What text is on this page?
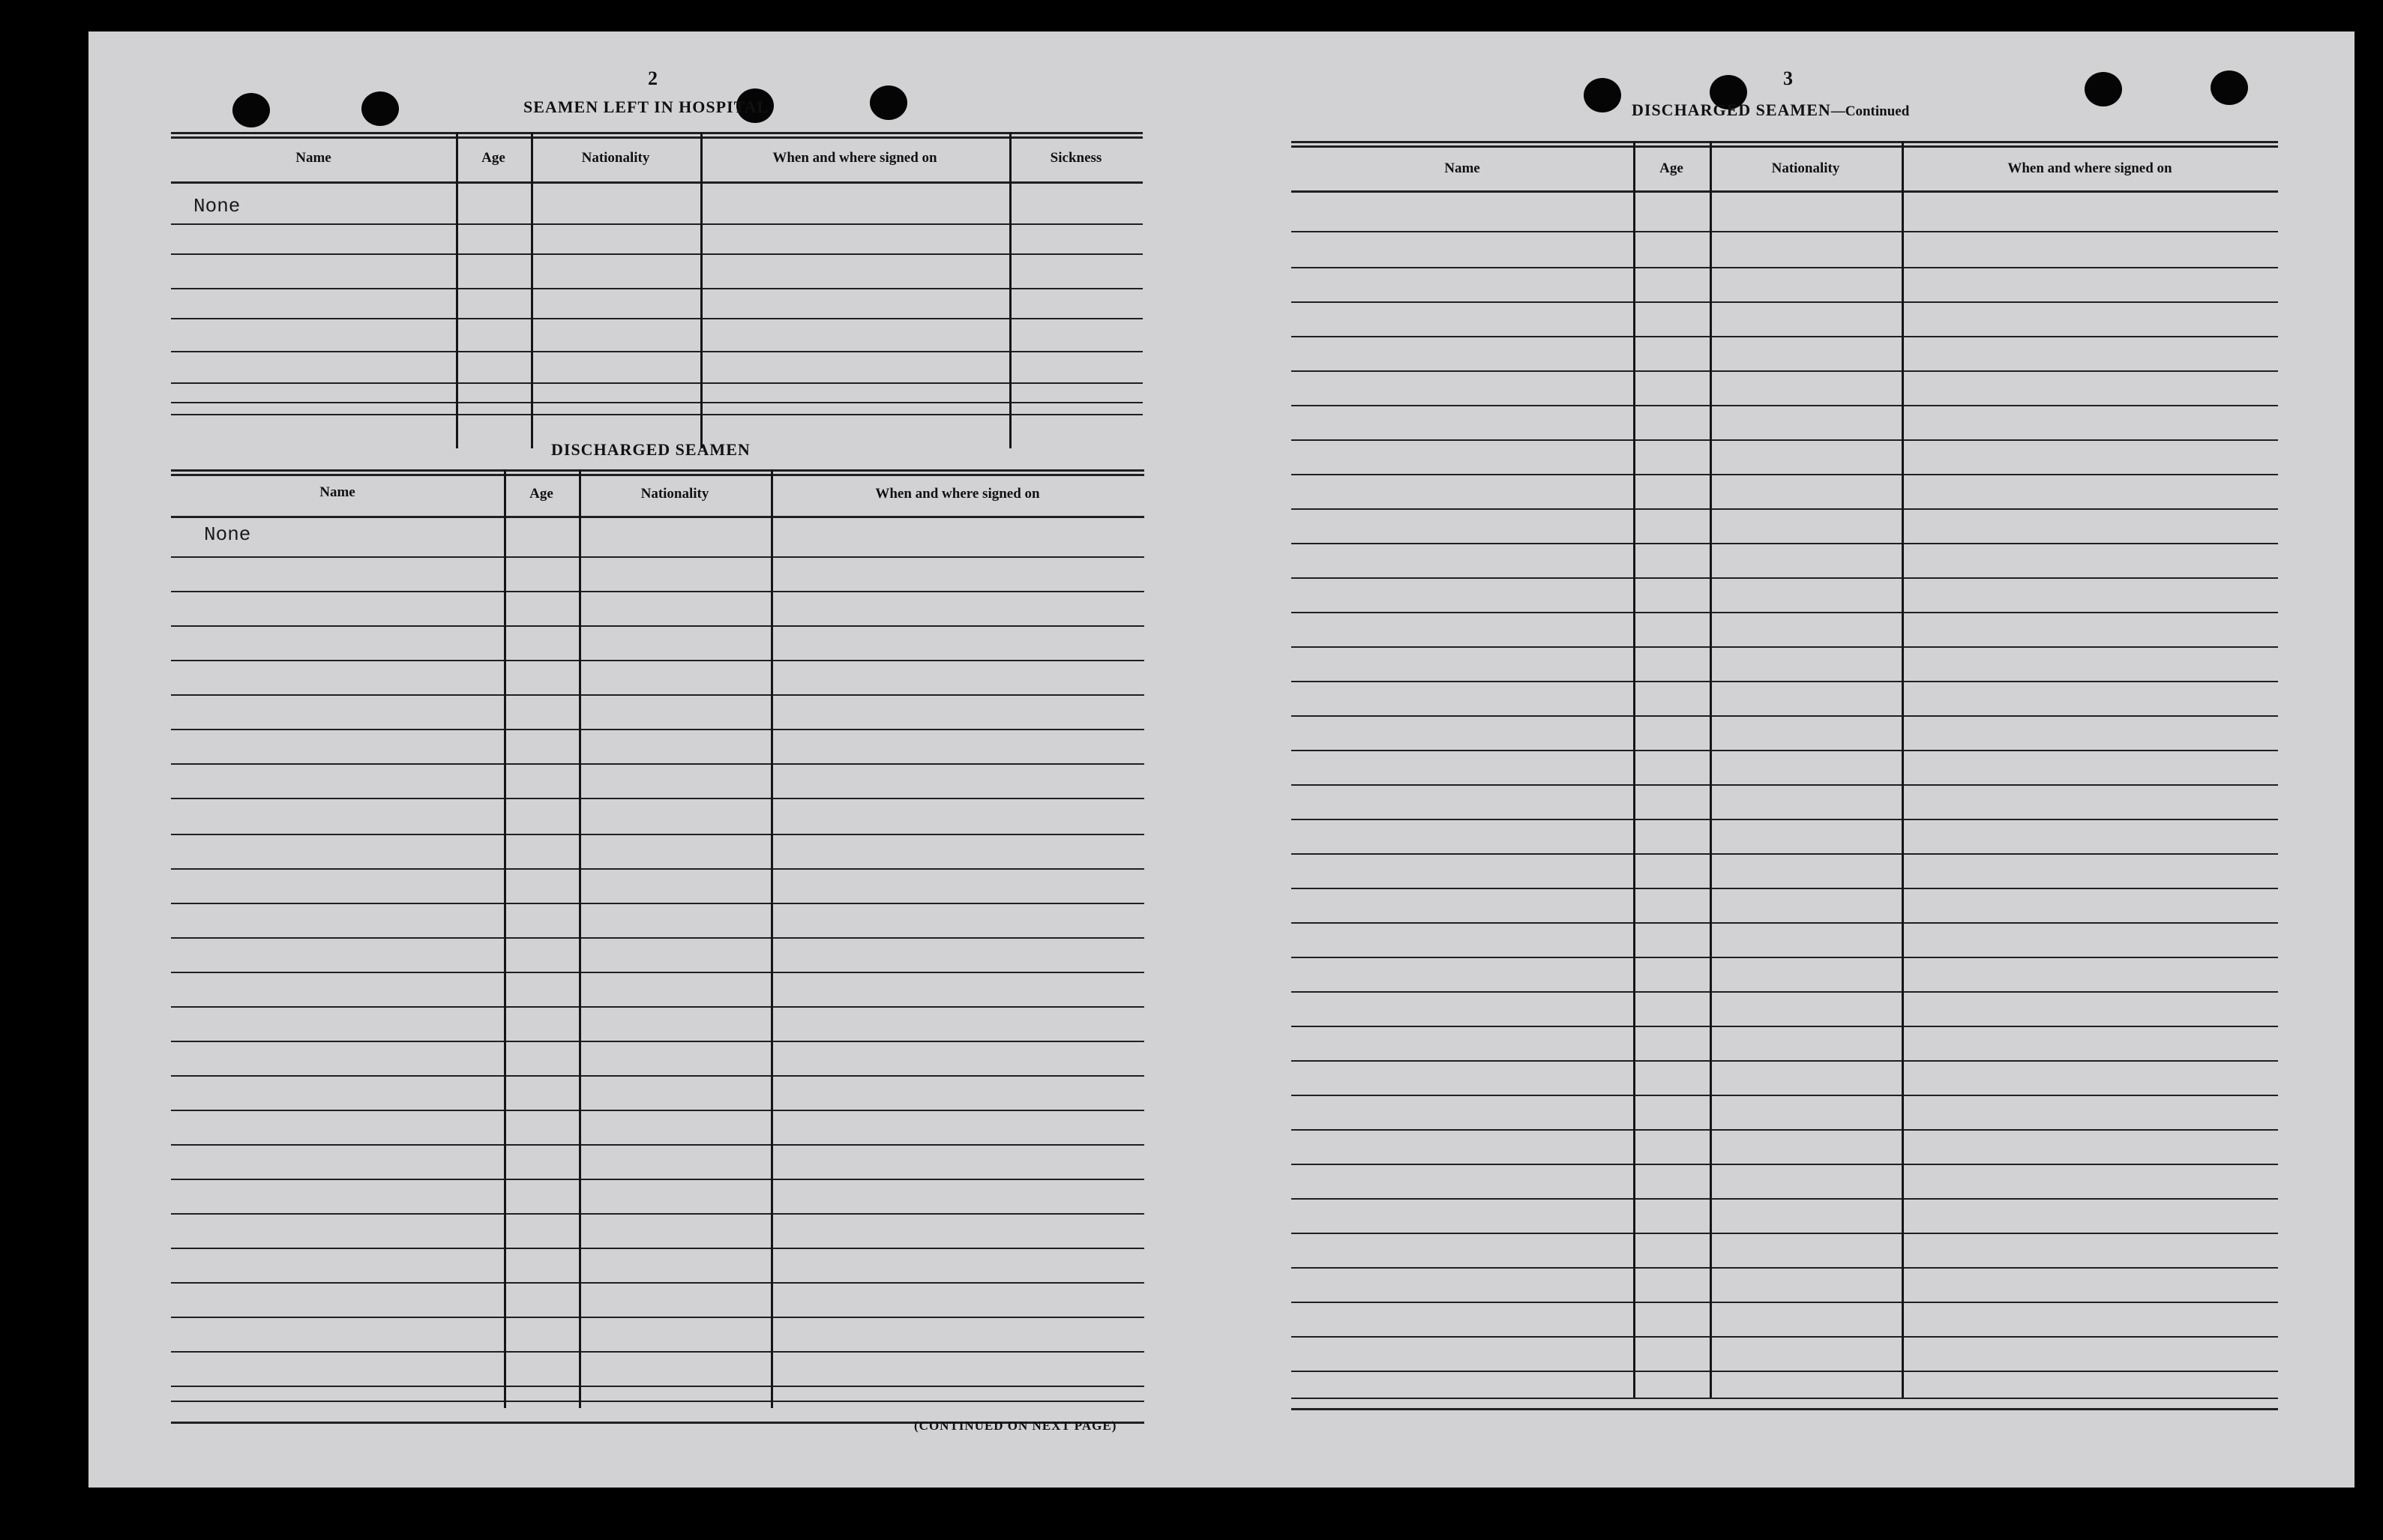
2
SEAMEN LEFT IN HOSPITAL
Name	Age	Nationality	When and where signed on	Sickness
None
DISCHARGED SEAMEN
Name	Age	Nationality	When and where signed on
None
(CONTINUED ON NEXT PAGE)
3
DISCHARGED SEAMEN—Continued
Name	Age	Nationality	When and where signed on
